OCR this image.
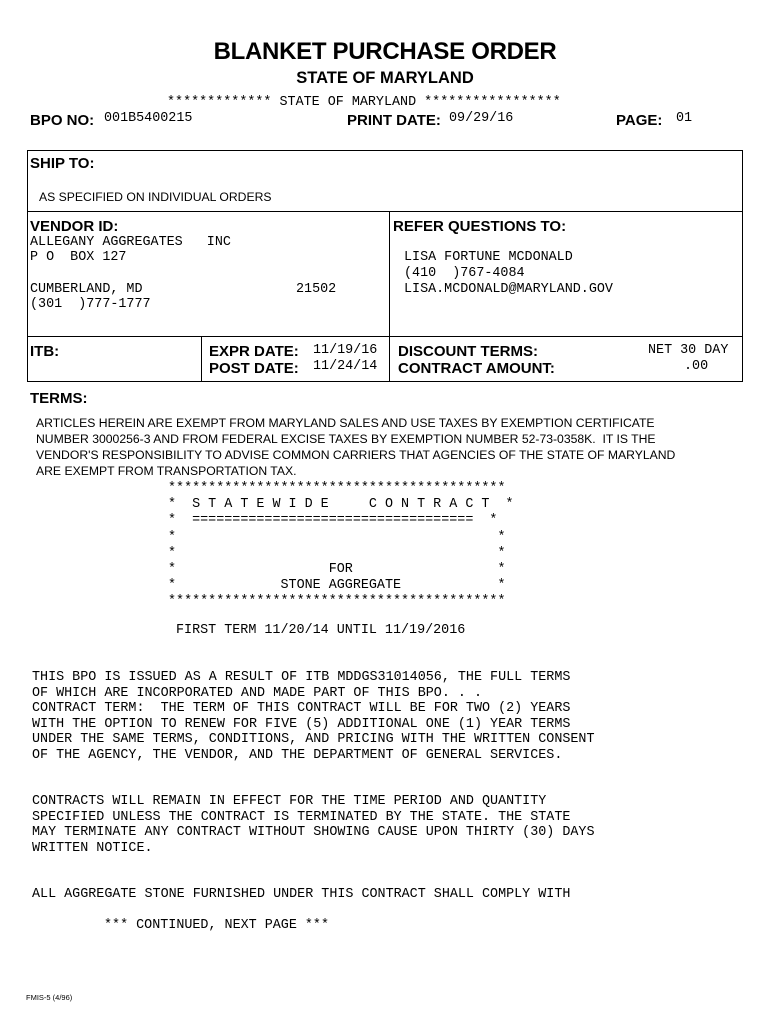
BLANKET PURCHASE ORDER
STATE OF MARYLAND
************* STATE OF MARYLAND *****************
BPO NO: 001B5400215	PRINT DATE: 09/29/16	PAGE: 01
SHIP TO:
AS SPECIFIED ON INDIVIDUAL ORDERS
VENDOR ID:
ALLEGANY AGGREGATES   INC
P O  BOX 127
CUMBERLAND, MD	21502
(301  )777-1777
REFER QUESTIONS TO:
LISA FORTUNE MCDONALD
(410  )767-4084
LISA.MCDONALD@MARYLAND.GOV
ITB:	EXPR DATE: 11/19/16
POST DATE: 11/24/14
DISCOUNT TERMS:	NET 30 DAY
CONTRACT AMOUNT:	.00
TERMS:
ARTICLES HEREIN ARE EXEMPT FROM MARYLAND SALES AND USE TAXES BY EXEMPTION CERTIFICATE
NUMBER 3000256-3 AND FROM FEDERAL EXCISE TAXES BY EXEMPTION NUMBER 52-73-0358K.  IT IS THE
VENDOR'S RESPONSIBILITY TO ADVISE COMMON CARRIERS THAT AGENCIES OF THE STATE OF MARYLAND
ARE EXEMPT FROM TRANSPORTATION TAX.
******************************************
*  S T A T E W I D E     C O N T R A C T  *
*  ===================================  *
*                                        *
*                                        *
*                   FOR                  *
*             STONE AGGREGATE            *
******************************************
FIRST TERM 11/20/14 UNTIL 11/19/2016
THIS BPO IS ISSUED AS A RESULT OF ITB MDDGS31014056, THE FULL TERMS
OF WHICH ARE INCORPORATED AND MADE PART OF THIS BPO. . .
CONTRACT TERM:  THE TERM OF THIS CONTRACT WILL BE FOR TWO (2) YEARS
WITH THE OPTION TO RENEW FOR FIVE (5) ADDITIONAL ONE (1) YEAR TERMS
UNDER THE SAME TERMS, CONDITIONS, AND PRICING WITH THE WRITTEN CONSENT
OF THE AGENCY, THE VENDOR, AND THE DEPARTMENT OF GENERAL SERVICES.
CONTRACTS WILL REMAIN IN EFFECT FOR THE TIME PERIOD AND QUANTITY
SPECIFIED UNLESS THE CONTRACT IS TERMINATED BY THE STATE. THE STATE
MAY TERMINATE ANY CONTRACT WITHOUT SHOWING CAUSE UPON THIRTY (30) DAYS
WRITTEN NOTICE.
ALL AGGREGATE STONE FURNISHED UNDER THIS CONTRACT SHALL COMPLY WITH
*** CONTINUED, NEXT PAGE ***
FMIS-5 (4/96)
